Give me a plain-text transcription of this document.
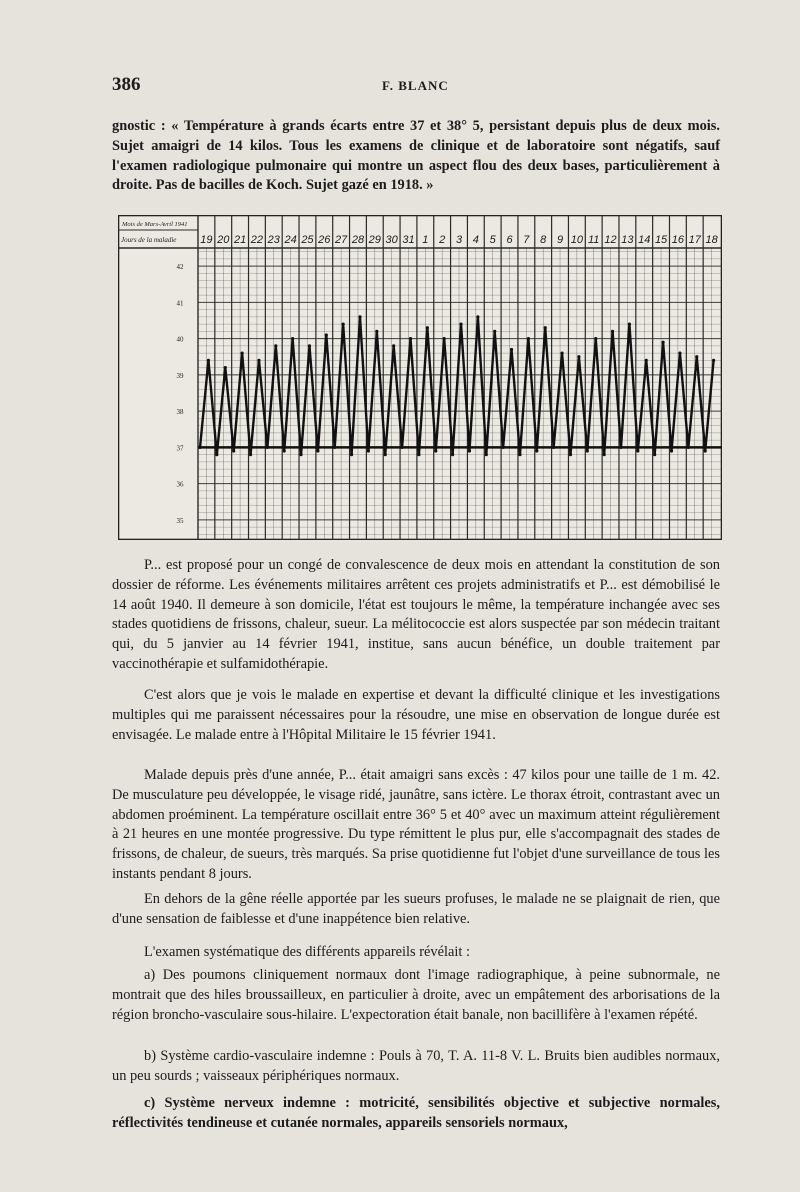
386	F. BLANC

gnostic : « Température à grands écarts entre 37 et 38° 5, persistant depuis plus de deux mois. Sujet amaigri de 14 kilos. Tous les examens de clinique et de laboratoire sont négatifs, sauf l'examen radiologique pulmonaire qui montre un aspect flou des deux bases, particulièrement à droite. Pas de bacilles de Koch. Sujet gazé en 1918. »

Mois de Mars-Avril 1941
Jours de la maladie 19 20 21 22 23 24 25 26 27 28 29 30 31 1 2 3 4 5 6 7 8 9 10 11 12 13 14 15 16 17 18
42
41
40
39
38
37
36
35

P... est proposé pour un congé de convalescence de deux mois en attendant la constitution de son dossier de réforme. Les événements militaires arrêtent ces projets administratifs et P... est démobilisé le 14 août 1940. Il demeure à son domicile, l'état est toujours le même, la température inchangée avec ses stades quotidiens de frissons, chaleur, sueur. La mélitococcie est alors suspectée par son médecin traitant qui, du 5 janvier au 14 février 1941, institue, sans aucun bénéfice, un double traitement par vaccinothérapie et sulfamidothérapie.

C'est alors que je vois le malade en expertise et devant la difficulté clinique et les investigations multiples qui me paraissent nécessaires pour la résoudre, une mise en observation de longue durée est envisagée. Le malade entre à l'Hôpital Militaire le 15 février 1941.

Malade depuis près d'une année, P... était amaigri sans excès : 47 kilos pour une taille de 1 m. 42. De musculature peu développée, le visage ridé, jaunâtre, sans ictère. Le thorax étroit, contrastant avec un abdomen proéminent. La température oscillait entre 36° 5 et 40° avec un maximum atteint régulièrement à 21 heures en une montée progressive. Du type rémittent le plus pur, elle s'accompagnait des stades de frissons, de chaleur, de sueurs, très marqués. Sa prise quotidienne fut l'objet d'une surveillance de tous les instants pendant 8 jours.

En dehors de la gêne réelle apportée par les sueurs profuses, le malade ne se plaignait de rien, que d'une sensation de faiblesse et d'une inappétence bien relative.

L'examen systématique des différents appareils révélait :

a) Des poumons cliniquement normaux dont l'image radiographique, à peine subnormale, ne montrait que des hiles broussailleux, en particulier à droite, avec un empâtement des arborisations de la région broncho-vasculaire sous-hilaire. L'expectoration était banale, non bacillifère à l'examen répété.

b) Système cardio-vasculaire indemne : Pouls à 70, T. A. 11-8 V. L. Bruits bien audibles normaux, un peu sourds ; vaisseaux périphériques normaux.

c) Système nerveux indemne : motricité, sensibilités objective et subjective normales, réflectivités tendineuse et cutanée normales, appareils sensoriels normaux,
